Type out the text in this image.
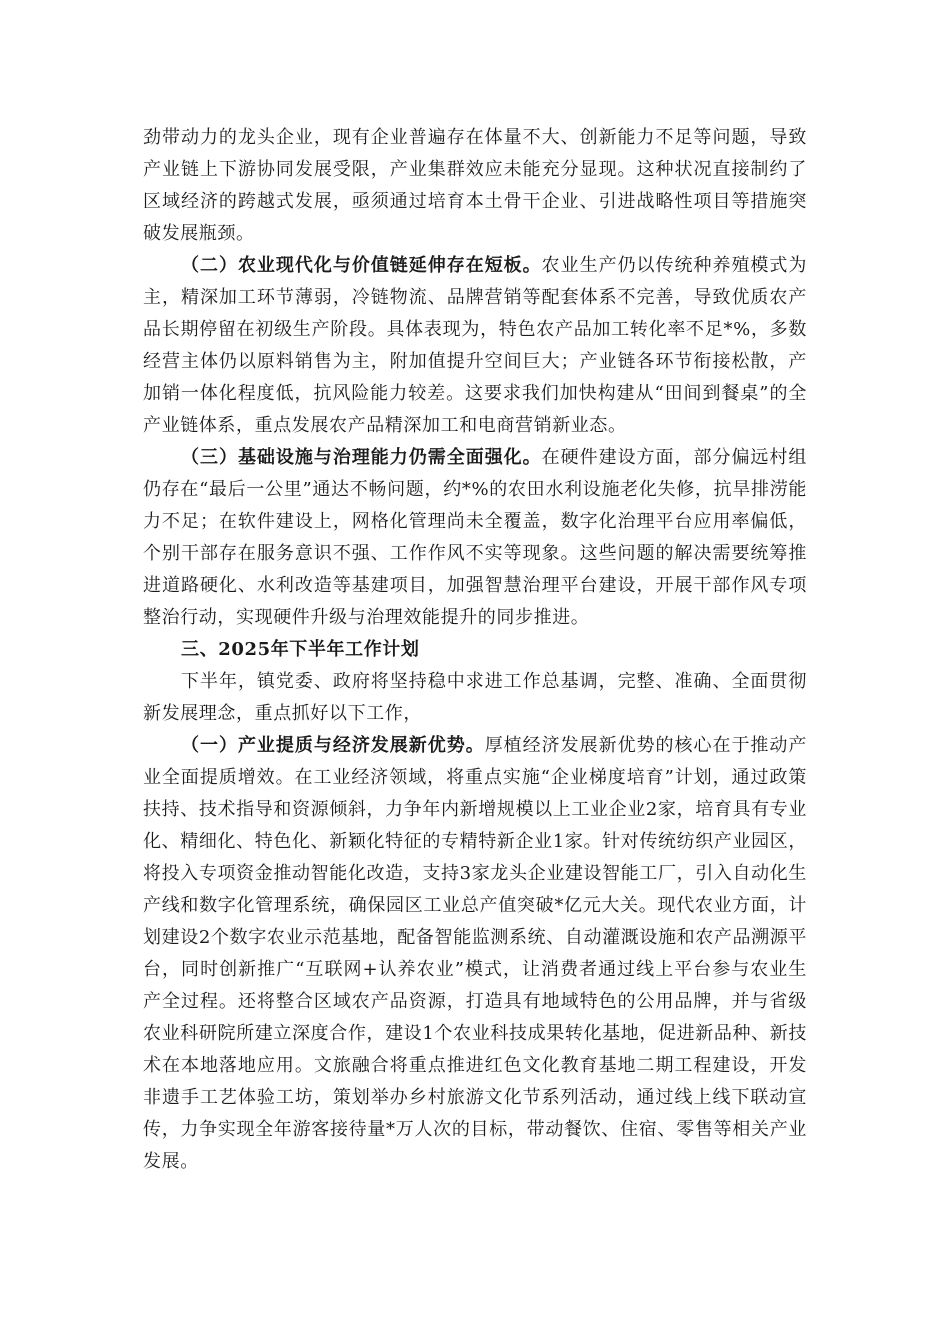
劲带动力的龙头企业，现有企业普遍存在体量不大、创新能力不足等问题，导致产业链上下游协同发展受限，产业集群效应未能充分显现。这种状况直接制约了区域经济的跨越式发展，亟须通过培育本土骨干企业、引进战略性项目等措施突破发展瓶颈。

（二）农业现代化与价值链延伸存在短板。农业生产仍以传统种养殖模式为主，精深加工环节薄弱，冷链物流、品牌营销等配套体系不完善，导致优质农产品长期停留在初级生产阶段。具体表现为，特色农产品加工转化率不足*%，多数经营主体仍以原料销售为主，附加值提升空间巨大；产业链各环节衔接松散，产加销一体化程度低，抗风险能力较差。这要求我们加快构建从“田间到餐桌”的全产业链体系，重点发展农产品精深加工和电商营销新业态。

（三）基础设施与治理能力仍需全面强化。在硬件建设方面，部分偏远村组仍存在“最后一公里”通达不畅问题，约*%的农田水利设施老化失修，抗旱排涝能力不足；在软件建设上，网格化管理尚未全覆盖，数字化治理平台应用率偏低，个别干部存在服务意识不强、工作作风不实等现象。这些问题的解决需要统筹推进道路硬化、水利改造等基建项目，加强智慧治理平台建设，开展干部作风专项整治行动，实现硬件升级与治理效能提升的同步推进。

三、2025年下半年工作计划

下半年，镇党委、政府将坚持稳中求进工作总基调，完整、准确、全面贯彻新发展理念，重点抓好以下工作，

（一）产业提质与经济发展新优势。厚植经济发展新优势的核心在于推动产业全面提质增效。在工业经济领域，将重点实施“企业梯度培育”计划，通过政策扶持、技术指导和资源倾斜，力争年内新增规模以上工业企业2家，培育具有专业化、精细化、特色化、新颖化特征的专精特新企业1家。针对传统纺织产业园区，将投入专项资金推动智能化改造，支持3家龙头企业建设智能工厂，引入自动化生产线和数字化管理系统，确保园区工业总产值突破*亿元大关。现代农业方面，计划建设2个数字农业示范基地，配备智能监测系统、自动灌溉设施和农产品溯源平台，同时创新推广“互联网+认养农业”模式，让消费者通过线上平台参与农业生产全过程。还将整合区域农产品资源，打造具有地域特色的公用品牌，并与省级农业科研院所建立深度合作，建设1个农业科技成果转化基地，促进新品种、新技术在本地落地应用。文旅融合将重点推进红色文化教育基地二期工程建设，开发非遗手工艺体验工坊，策划举办乡村旅游文化节系列活动，通过线上线下联动宣传，力争实现全年游客接待量*万人次的目标，带动餐饮、住宿、零售等相关产业发展。
